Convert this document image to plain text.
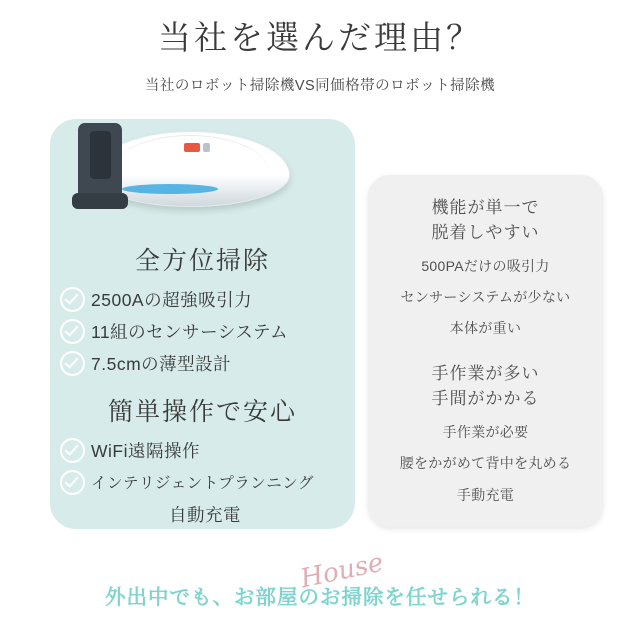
当社を選んだ理由？
当社のロボット掃除機VS同価格帯のロボット掃除機
全方位掃除
2500Aの超強吸引力
11組のセンサーシステム
7.5cmの薄型設計
簡単操作で安心
WiFi遠隔操作
インテリジェントプランニング
自動充電
機能が単一で
脱着しやすい
500PAだけの吸引力
センサーシステムが少ない
本体が重い
手作業が多い
手間がかかる
手作業が必要
腰をかがめて背中を丸める
手動充電
House
外出中でも、お部屋のお掃除を任せられる！
